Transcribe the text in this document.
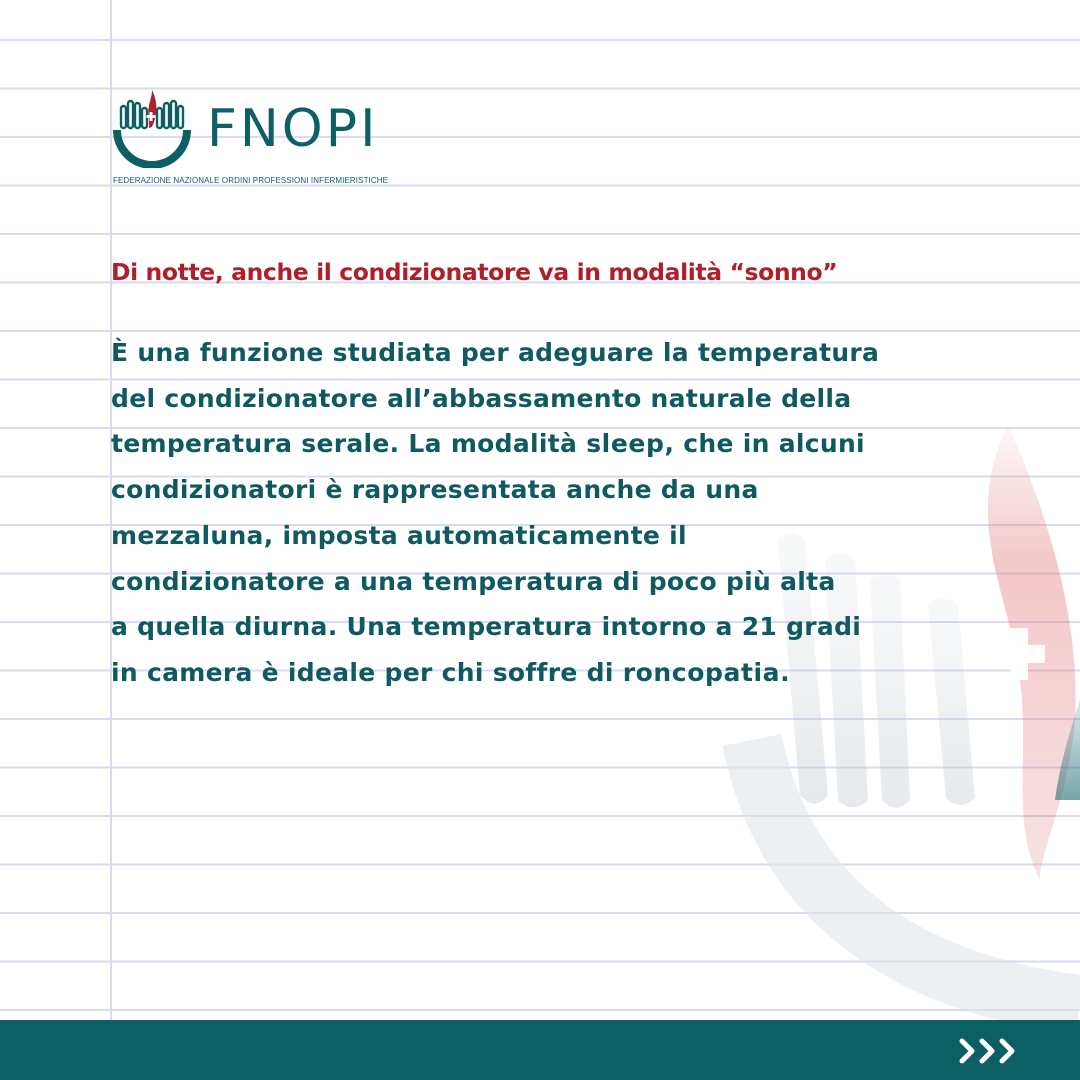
FNOPI
FEDERAZIONE NAZIONALE ORDINI PROFESSIONI INFERMIERISTICHE
Di notte, anche il condizionatore va in modalità “sonno”
È una funzione studiata per adeguare la temperatura
del condizionatore all’abbassamento naturale della
temperatura serale. La modalità sleep, che in alcuni
condizionatori è rappresentata anche da una
mezzaluna, imposta automaticamente il
condizionatore a una temperatura di poco più alta
a quella diurna. Una temperatura intorno a 21 gradi
in camera è ideale per chi soffre di roncopatia.
